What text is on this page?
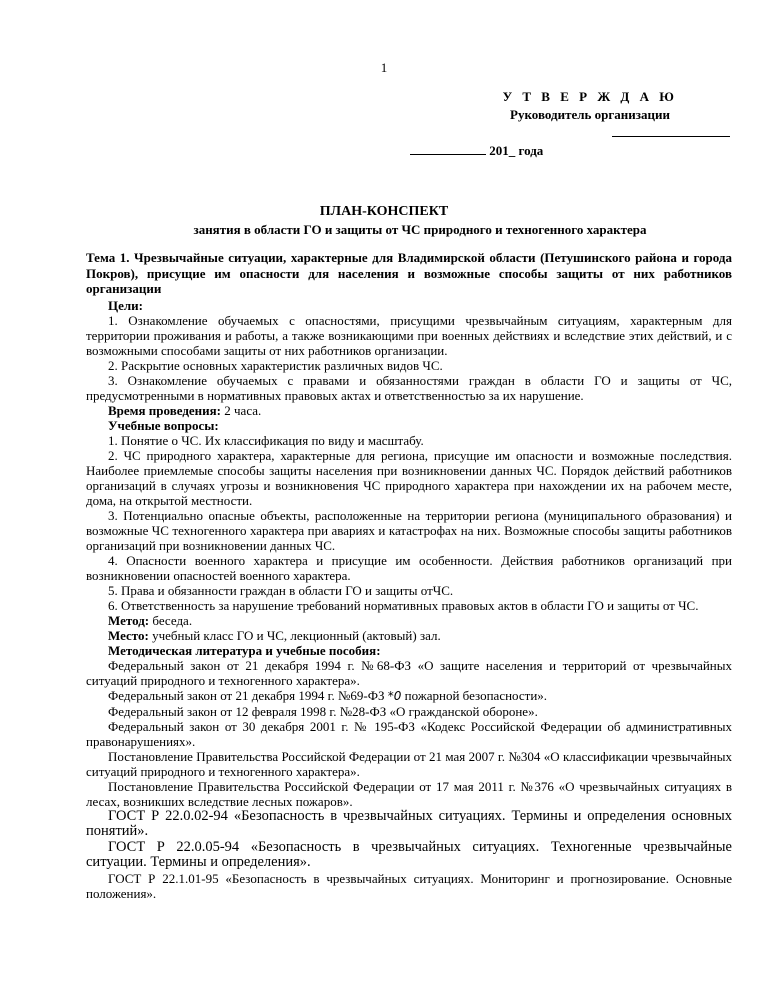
1
У Т В Е Р Ж Д А Ю
Руководитель организации
201_ года
ПЛАН-КОНСПЕКТ
занятия в области ГО и защиты от ЧС природного и техногенного характера

Тема 1. Чрезвычайные ситуации, характерные для Владимирской области (Петушинского района и города Покров), присущие им опасности для населения и возможные способы защиты от них работников организации

Цели:

1. Ознакомление обучаемых с опасностями, присущими чрезвычайным ситуациям, характерным для территории проживания и работы, а также возникающими при военных действиях и вследствие этих действий, и с возможными способами защиты от них работников организации.

2. Раскрытие основных характеристик различных видов ЧС.

3. Ознакомление обучаемых с правами и обязанностями граждан в области ГО и защиты от ЧС, предусмотренными в нормативных правовых актах и ответственностью за их нарушение.

Время проведения: 2 часа.

Учебные вопросы:

1. Понятие о ЧС. Их классификация по виду и масштабу.

2. ЧС природного характера, характерные для региона, присущие им опасности и возможные последствия. Наиболее приемлемые способы защиты населения при возникновении данных ЧС. Порядок действий работников организаций в случаях угрозы и возникновения ЧС природного характера при нахождении их на рабочем месте, дома, на открытой местности.

3. Потенциально опасные объекты, расположенные на территории региона (муниципального образования) и возможные ЧС техногенного характера при авариях и катастрофах на них. Возможные способы защиты работников организаций при возникновении данных ЧС.

4. Опасности военного характера и присущие им особенности. Действия работников организаций при возникновении опасностей военного характера.

5. Права и обязанности граждан в области ГО и защиты отЧС.

6. Ответственность за нарушение требований нормативных правовых актов в области ГО и защиты от ЧС.

Метод: беседа.

Место: учебный класс ГО и ЧС, лекционный (актовый) зал.

Методическая литература и учебные пособия:

Федеральный закон от 21 декабря 1994 г. №68-ФЗ «О защите населения и территорий от чрезвычайных ситуаций природного и техногенного характера».

Федеральный закон от 21 декабря 1994 г. №69-ФЗ *0 пожарной безопасности».

Федеральный закон от 12 февраля 1998 г. №28-ФЗ «О гражданской обороне».

Федеральный закон от 30 декабря 2001 г. № 195-ФЗ «Кодекс Российской Федерации об административных правонарушениях».

Постановление Правительства Российской Федерации от 21 мая 2007 г. №304 «О классификации чрезвычайных ситуаций природного и техногенного характера».

Постановление Правительства Российской Федерации от 17 мая 2011 г. №376 «О чрезвычайных ситуациях в лесах, возникших вследствие лесных пожаров».

ГОСТ Р 22.0.02-94 «Безопасность в чрезвычайных ситуациях. Термины и определения основных понятий».

ГОСТ Р 22.0.05-94 «Безопасность в чрезвычайных ситуациях. Техногенные чрезвычайные ситуации. Термины и определения».

ГОСТ Р 22.1.01-95 «Безопасность в чрезвычайных ситуациях. Мониторинг и прогнозирование. Основные положения».
